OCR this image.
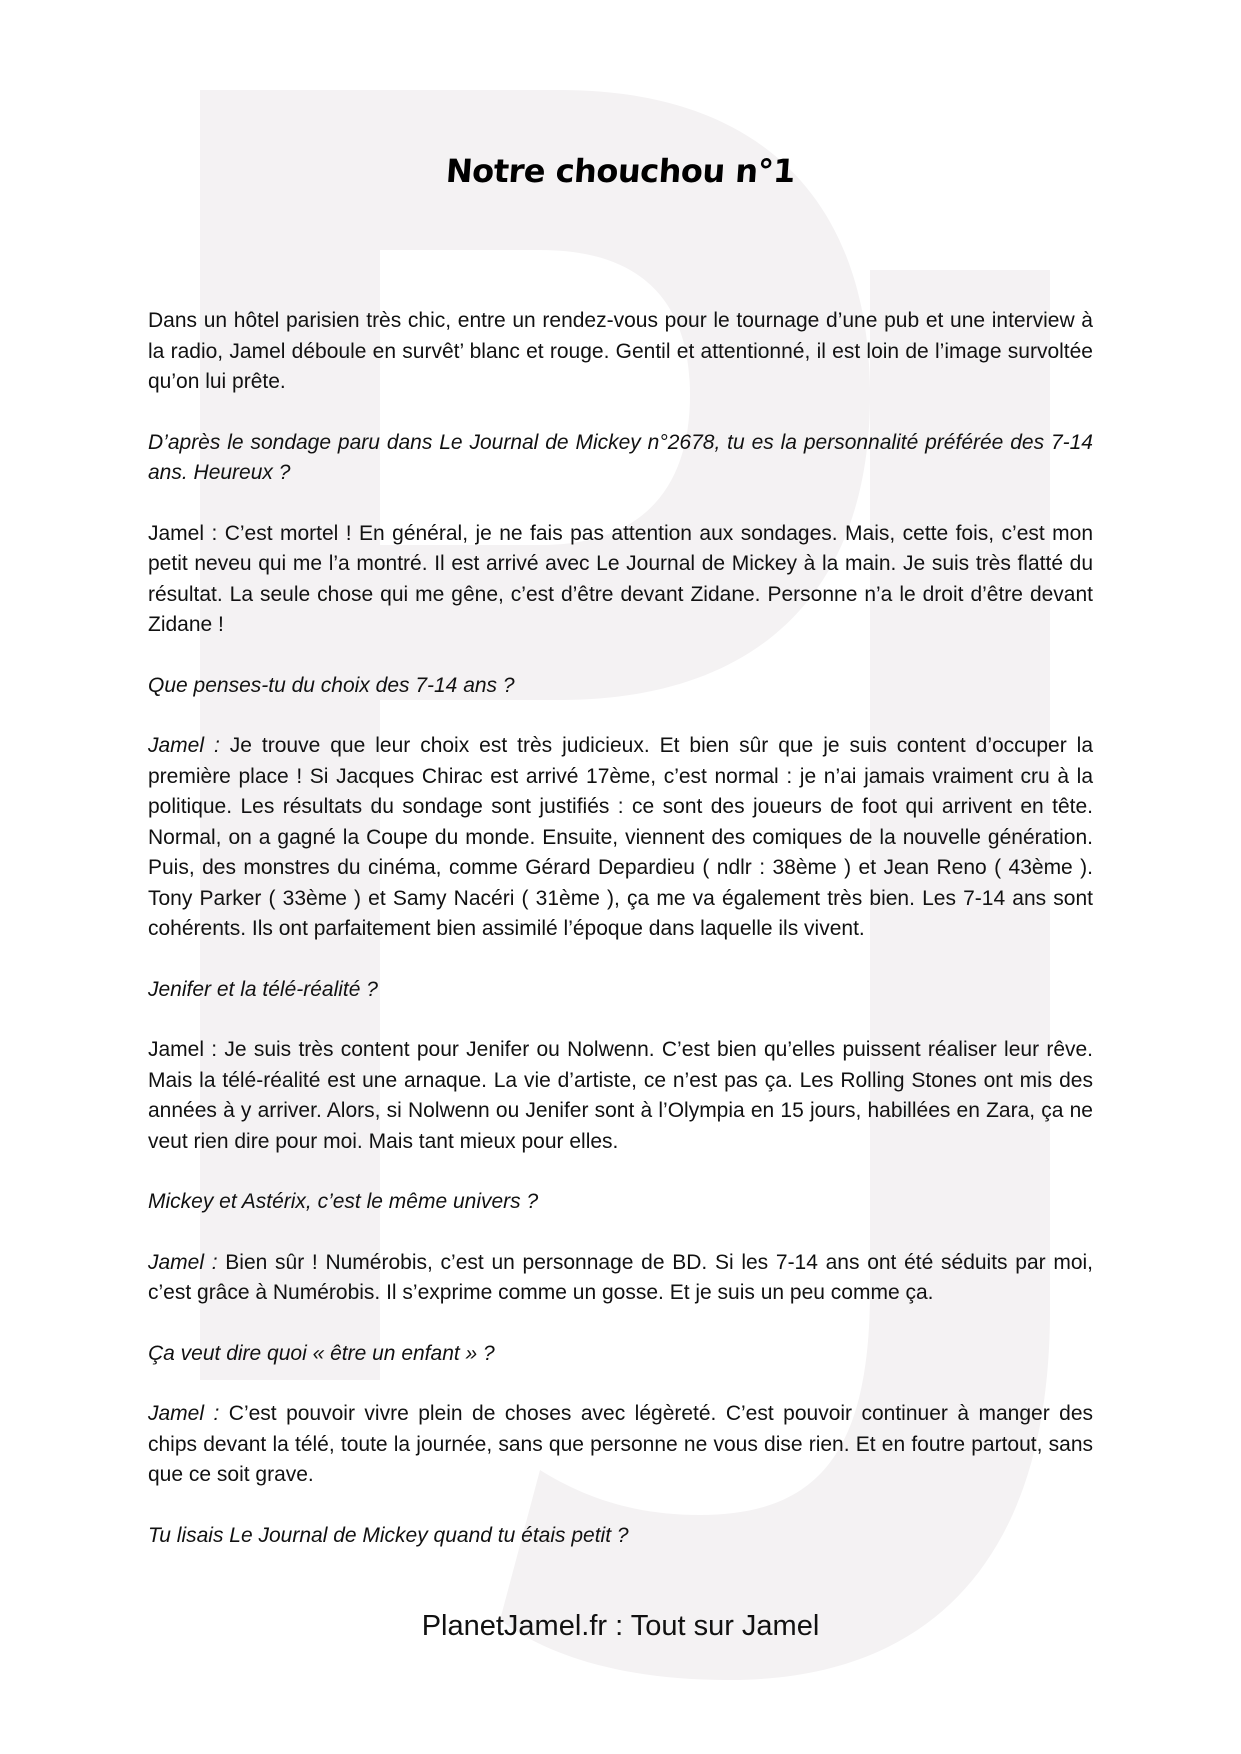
Notre chouchou n°1

Dans un hôtel parisien très chic, entre un rendez-vous pour le tournage d’une pub et une interview à la radio, Jamel déboule en survêt’ blanc et rouge. Gentil et attentionné, il est loin de l’image survoltée qu’on lui prête.

D’après le sondage paru dans Le Journal de Mickey n°2678, tu es la personnalité préférée des 7-14 ans. Heureux ?

Jamel : C’est mortel ! En général, je ne fais pas attention aux sondages. Mais, cette fois, c’est mon petit neveu qui me l’a montré. Il est arrivé avec Le Journal de Mickey à la main. Je suis très flatté du résultat. La seule chose qui me gêne, c’est d’être devant Zidane. Personne n’a le droit d’être devant Zidane !

Que penses-tu du choix des 7-14 ans ?

Jamel : Je trouve que leur choix est très judicieux. Et bien sûr que je suis content d’occuper la première place ! Si Jacques Chirac est arrivé 17ème, c’est normal : je n’ai jamais vraiment cru à la politique. Les résultats du sondage sont justifiés : ce sont des joueurs de foot qui arrivent en tête. Normal, on a gagné la Coupe du monde. Ensuite, viennent des comiques de la nouvelle génération. Puis, des monstres du cinéma, comme Gérard Depardieu ( ndlr : 38ème ) et Jean Reno ( 43ème ). Tony Parker ( 33ème ) et Samy Nacéri ( 31ème ), ça me va également très bien. Les 7-14 ans sont cohérents. Ils ont parfaitement bien assimilé l’époque dans laquelle ils vivent.

Jenifer et la télé-réalité ?

Jamel : Je suis très content pour Jenifer ou Nolwenn. C’est bien qu’elles puissent réaliser leur rêve. Mais la télé-réalité est une arnaque. La vie d’artiste, ce n’est pas ça. Les Rolling Stones ont mis des années à y arriver. Alors, si Nolwenn ou Jenifer sont à l’Olympia en 15 jours, habillées en Zara, ça ne veut rien dire pour moi. Mais tant mieux pour elles.

Mickey et Astérix, c’est le même univers ?

Jamel : Bien sûr ! Numérobis, c’est un personnage de BD. Si les 7-14 ans ont été séduits par moi, c’est grâce à Numérobis. Il s’exprime comme un gosse. Et je suis un peu comme ça.

Ça veut dire quoi « être un enfant » ?

Jamel : C’est pouvoir vivre plein de choses avec légèreté. C’est pouvoir continuer à manger des chips devant la télé, toute la journée, sans que personne ne vous dise rien. Et en foutre partout, sans que ce soit grave.

Tu lisais Le Journal de Mickey quand tu étais petit ?

PlanetJamel.fr : Tout sur Jamel
